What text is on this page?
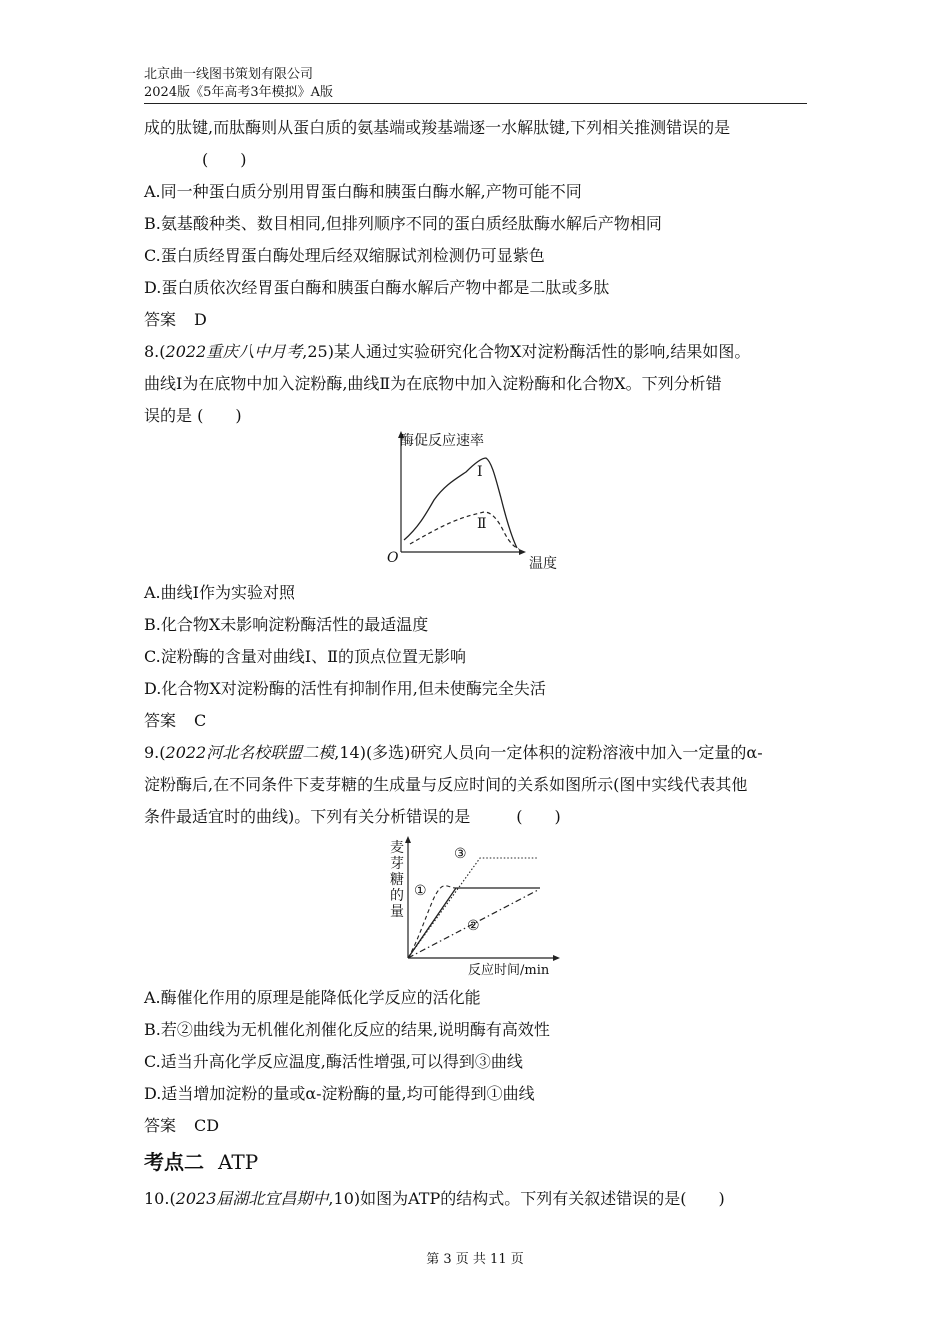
北京曲一线图书策划有限公司
2024版《5年高考3年模拟》A版
成的肽键,而肽酶则从蛋白质的氨基端或羧基端逐一水解肽键,下列相关推测错误的是
(　　)
A.同一种蛋白质分别用胃蛋白酶和胰蛋白酶水解,产物可能不同
B.氨基酸种类、数目相同,但排列顺序不同的蛋白质经肽酶水解后产物相同
C.蛋白质经胃蛋白酶处理后经双缩脲试剂检测仍可显紫色
D.蛋白质依次经胃蛋白酶和胰蛋白酶水解后产物中都是二肽或多肽
答案 D
8.(2022重庆八中月考,25)某人通过实验研究化合物X对淀粉酶活性的影响,结果如图。
曲线Ⅰ为在底物中加入淀粉酶,曲线Ⅱ为在底物中加入淀粉酶和化合物X。下列分析错
误的是 (　　)
酶促反应速率
O	温度
Ⅰ
Ⅱ
A.曲线Ⅰ作为实验对照
B.化合物X未影响淀粉酶活性的最适温度
C.淀粉酶的含量对曲线Ⅰ、Ⅱ的顶点位置无影响
D.化合物X对淀粉酶的活性有抑制作用,但未使酶完全失活
答案 C
9.(2022河北名校联盟二模,14)(多选)研究人员向一定体积的淀粉溶液中加入一定量的α-
淀粉酶后,在不同条件下麦芽糖的生成量与反应时间的关系如图所示(图中实线代表其他
条件最适宜时的曲线)。下列有关分析错误的是	(　　)
麦
芽
糖
的
量
①
②
③
反应时间/min
A.酶催化作用的原理是能降低化学反应的活化能
B.若②曲线为无机催化剂催化反应的结果,说明酶有高效性
C.适当升高化学反应温度,酶活性增强,可以得到③曲线
D.适当增加淀粉的量或α-淀粉酶的量,均可能得到①曲线
答案 CD
考点二 ATP
10.(2023届湖北宜昌期中,10)如图为ATP的结构式。下列有关叙述错误的是(　　)
第 3 页 共 11 页
